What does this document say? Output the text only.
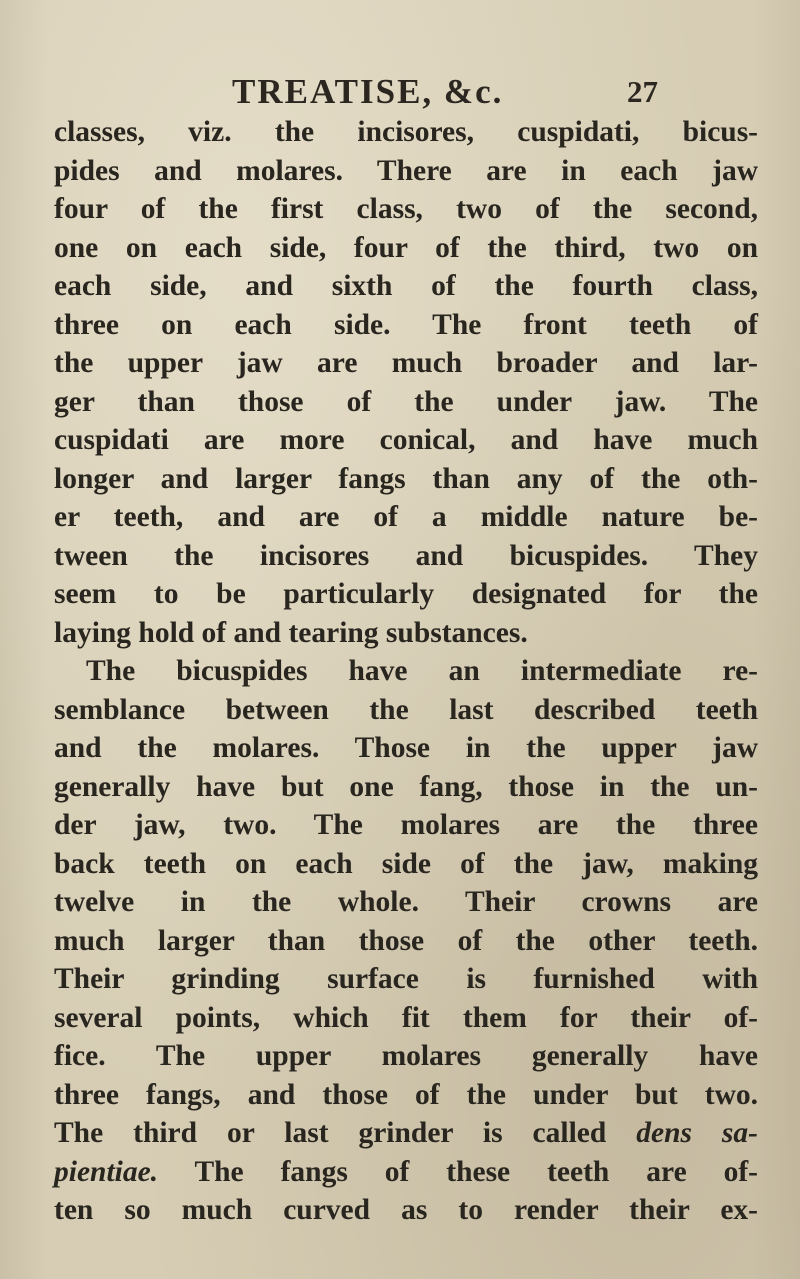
TREATISE, &c.	27
classes, viz. the incisores, cuspidati, bicus-
pides and molares. There are in each jaw
four of the first class, two of the second,
one on each side, four of the third, two on
each side, and sixth of the fourth class,
three on each side. The front teeth of
the upper jaw are much broader and lar-
ger than those of the under jaw. The
cuspidati are more conical, and have much
longer and larger fangs than any of the oth-
er teeth, and are of a middle nature be-
tween the incisores and bicuspides. They
seem to be particularly designated for the
laying hold of and tearing substances.
The bicuspides have an intermediate re-
semblance between the last described teeth
and the molares. Those in the upper jaw
generally have but one fang, those in the un-
der jaw, two. The molares are the three
back teeth on each side of the jaw, making
twelve in the whole. Their crowns are
much larger than those of the other teeth.
Their grinding surface is furnished with
several points, which fit them for their of-
fice. The upper molares generally have
three fangs, and those of the under but two.
The third or last grinder is called dens sa-
pientiae. The fangs of these teeth are of-
ten so much curved as to render their ex-
